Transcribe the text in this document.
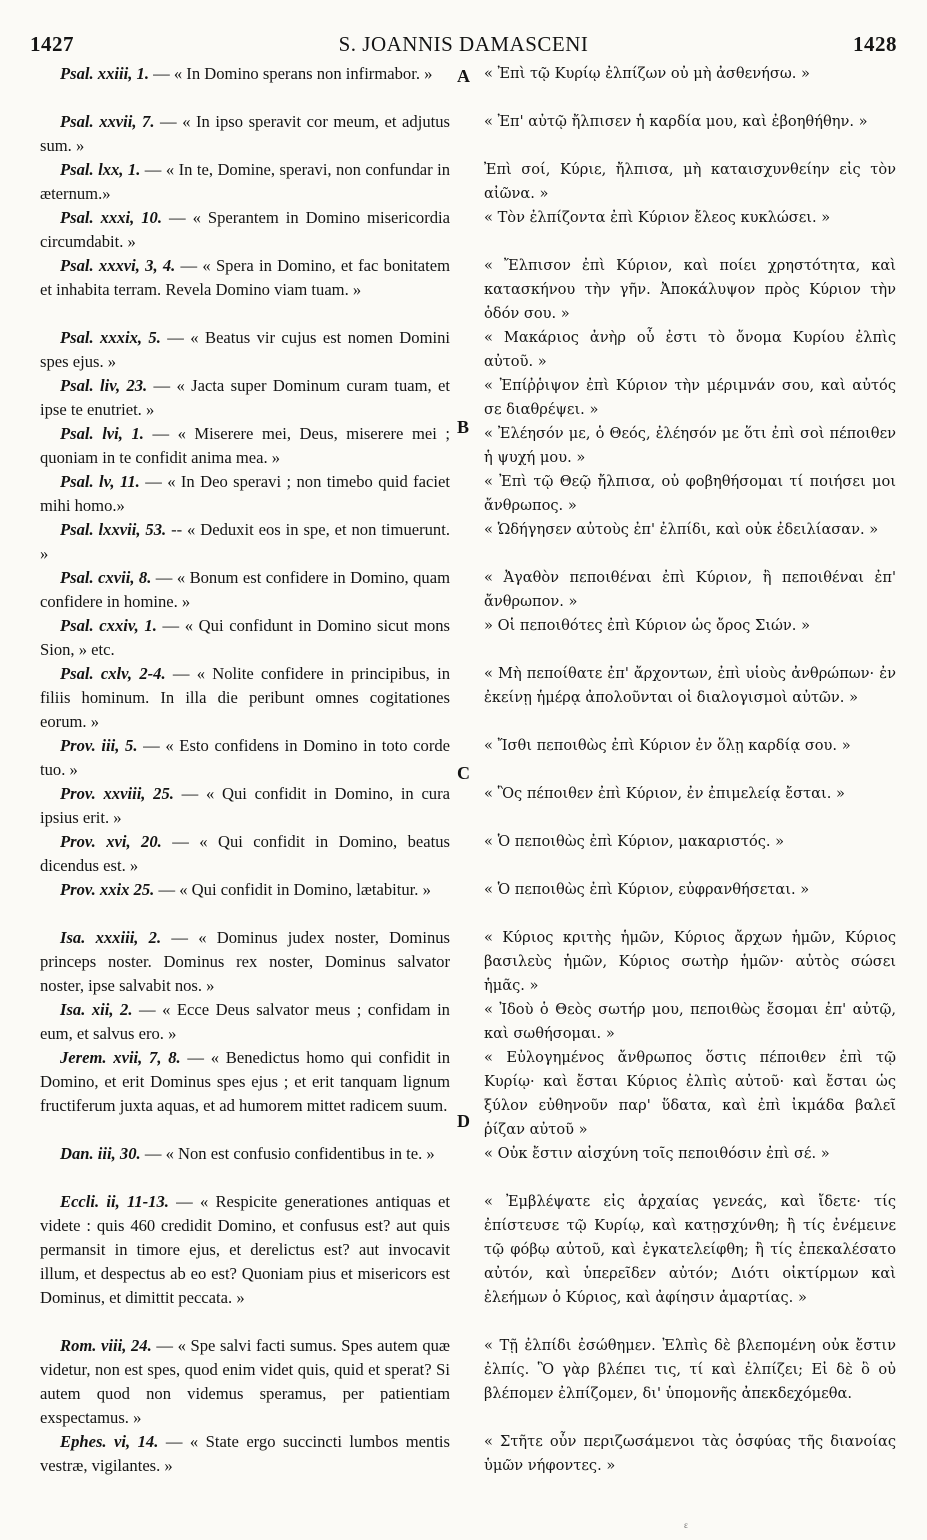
1427	S. JOANNIS DAMASCENI	1428
A
B
C
D

Psal. xxiii, 1. — « In Domino sperans non infirmabor. »

Psal. xxvii, 7. — « In ipso speravit cor meum, et adjutus sum. »

Psal. lxx, 1. — « In te, Domine, speravi, non confundar in æternum.»

Psal. xxxi, 10. — « Sperantem in Domino misericordia circumdabit. »

Psal. xxxvi, 3, 4. — « Spera in Domino, et fac bonitatem et inhabita terram. Revela Domino viam tuam. »

Psal. xxxix, 5. — « Beatus vir cujus est nomen Domini spes ejus. »

Psal. liv, 23. — « Jacta super Dominum curam tuam, et ipse te enutriet. »

Psal. lvi, 1. — « Miserere mei, Deus, miserere mei ; quoniam in te confidit anima mea. »

Psal. lv, 11. — « In Deo speravi ; non timebo quid faciet mihi homo.»

Psal. lxxvii, 53. -- « Deduxit eos in spe, et non timuerunt. »

Psal. cxvii, 8. — « Bonum est confidere in Domino, quam confidere in homine. »

Psal. cxxiv, 1. — « Qui confidunt in Domino sicut mons Sion, » etc.

Psal. cxlv, 2-4. — « Nolite confidere in principibus, in filiis hominum. In illa die peribunt omnes cogitationes eorum. »

Prov. iii, 5. — « Esto confidens in Domino in toto corde tuo. »

Prov. xxviii, 25. — « Qui confidit in Domino, in cura ipsius erit. »

Prov. xvi, 20. — « Qui confidit in Domino, beatus dicendus est. »

Prov. xxix 25. — « Qui confidit in Domino, lætabitur. »

Isa. xxxiii, 2. — « Dominus judex noster, Dominus princeps noster. Dominus rex noster, Dominus salvator noster, ipse salvabit nos. »

Isa. xii, 2. — « Ecce Deus salvator meus ; confidam in eum, et salvus ero. »

Jerem. xvii, 7, 8. — « Benedictus homo qui confidit in Domino, et erit Dominus spes ejus ; et erit tanquam lignum fructiferum juxta aquas, et ad humorem mittet radicem suum.

Dan. iii, 30. — « Non est confusio confidentibus in te. »

Eccli. ii, 11-13. — « Respicite generationes antiquas et videte : quis 460 credidit Domino, et confusus est? aut quis permansit in timore ejus, et derelictus est? aut invocavit illum, et despectus ab eo est? Quoniam pius et misericors est Dominus, et dimittit peccata. »

Rom. viii, 24. — « Spe salvi facti sumus. Spes autem quæ videtur, non est spes, quod enim videt quis, quid et sperat? Si autem quod non videmus speramus, per patientiam exspectamus. »

Ephes. vi, 14. — « State ergo succincti lumbos mentis vestræ, vigilantes. »

« Ἐπὶ τῷ Κυρίῳ ἐλπίζων οὐ μὴ ἀσθενήσω. »

« Ἐπ' αὐτῷ ἤλπισεν ἡ καρδία μου, καὶ ἐβοηθήθην. »

Ἐπὶ σοί, Κύριε, ἤλπισα, μὴ καταισχυνθείην εἰς τὸν αἰῶνα. »

« Τὸν ἐλπίζοντα ἐπὶ Κύριον ἔλεος κυκλώσει. »

« Ἔλπισον ἐπὶ Κύριον, καὶ ποίει χρηστότητα, καὶ κατασκήνου τὴν γῆν. Ἀποκάλυψον πρὸς Κύριον τὴν ὁδόν σου. »

« Μακάριος ἀνὴρ οὗ ἐστι τὸ ὄνομα Κυρίου ἐλπὶς αὐτοῦ. »

« Ἐπίῤῥιψον ἐπὶ Κύριον τὴν μέριμνάν σου, καὶ αὐτός σε διαθρέψει. »

« Ἐλέησόν με, ὁ Θεός, ἐλέησόν με ὅτι ἐπὶ σοὶ πέποιθεν ἡ ψυχή μου. »

« Ἐπὶ τῷ Θεῷ ἤλπισα, οὐ φοβηθήσομαι τί ποιήσει μοι ἄνθρωπος. »

« Ὡδήγησεν αὐτοὺς ἐπ' ἐλπίδι, καὶ οὐκ ἐδειλίασαν. »

« Ἀγαθὸν πεποιθέναι ἐπὶ Κύριον, ἢ πεποιθέναι ἐπ' ἄνθρωπον. »

» Οἱ πεποιθότες ἐπὶ Κύριον ὡς ὄρος Σιών. »

« Μὴ πεποίθατε ἐπ' ἄρχοντων, ἐπὶ υἱοὺς ἀνθρώπων· ἐν ἐκείνῃ ἡμέρᾳ ἀπολοῦνται οἱ διαλογισμοὶ αὐτῶν. »

« Ἴσθι πεποιθὼς ἐπὶ Κύριον ἐν ὅλῃ καρδίᾳ σου. »

« Ὃς πέποιθεν ἐπὶ Κύριον, ἐν ἐπιμελείᾳ ἔσται. »

« Ὁ πεποιθὼς ἐπὶ Κύριον, μακαριστός. »

« Ὁ πεποιθὼς ἐπὶ Κύριον, εὐφρανθήσεται. »

« Κύριος κριτὴς ἡμῶν, Κύριος ἄρχων ἡμῶν, Κύριος βασιλεὺς ἡμῶν, Κύριος σωτὴρ ἡμῶν· αὐτὸς σώσει ἡμᾶς. »

« Ἰδοὺ ὁ Θεὸς σωτήρ μου, πεποιθὼς ἔσομαι ἐπ' αὐτῷ, καὶ σωθήσομαι. »

« Εὐλογημένος ἄνθρωπος ὅστις πέποιθεν ἐπὶ τῷ Κυρίῳ· καὶ ἔσται Κύριος ἐλπὶς αὐτοῦ· καὶ ἔσται ὡς ξύλον εὐθηνοῦν παρ' ὕδατα, καὶ ἐπὶ ἰκμάδα βαλεῖ ῥίζαν αὐτοῦ »

« Οὐκ ἔστιν αἰσχύνη τοῖς πεποιθόσιν ἐπὶ σέ. »

« Ἐμβλέψατε εἰς ἀρχαίας γενεάς, καὶ ἴδετε· τίς ἐπίστευσε τῷ Κυρίῳ, καὶ κατῃσχύνθη; ἢ τίς ἐνέμεινε τῷ φόβῳ αὐτοῦ, καὶ ἐγκατελείφθη; ἢ τίς ἐπεκαλέσατο αὐτόν, καὶ ὑπερεῖδεν αὐτόν; Διότι οἰκτίρμων καὶ ἐλεήμων ὁ Κύριος, καὶ ἀφίησιν ἁμαρτίας. »

« Τῇ ἐλπίδι ἐσώθημεν. Ἐλπὶς δὲ βλεπομένη οὐκ ἔστιν ἐλπίς. Ὃ γὰρ βλέπει τις, τί καὶ ἐλπίζει; Εἰ δὲ ὃ οὐ βλέπομεν ἐλπίζομεν, δι' ὑπομονῆς ἀπεκδεχόμεθα.

« Στῆτε οὖν περιζωσάμενοι τὰς ὀσφύας τῆς διανοίας ὑμῶν νήφοντες. »

ε
